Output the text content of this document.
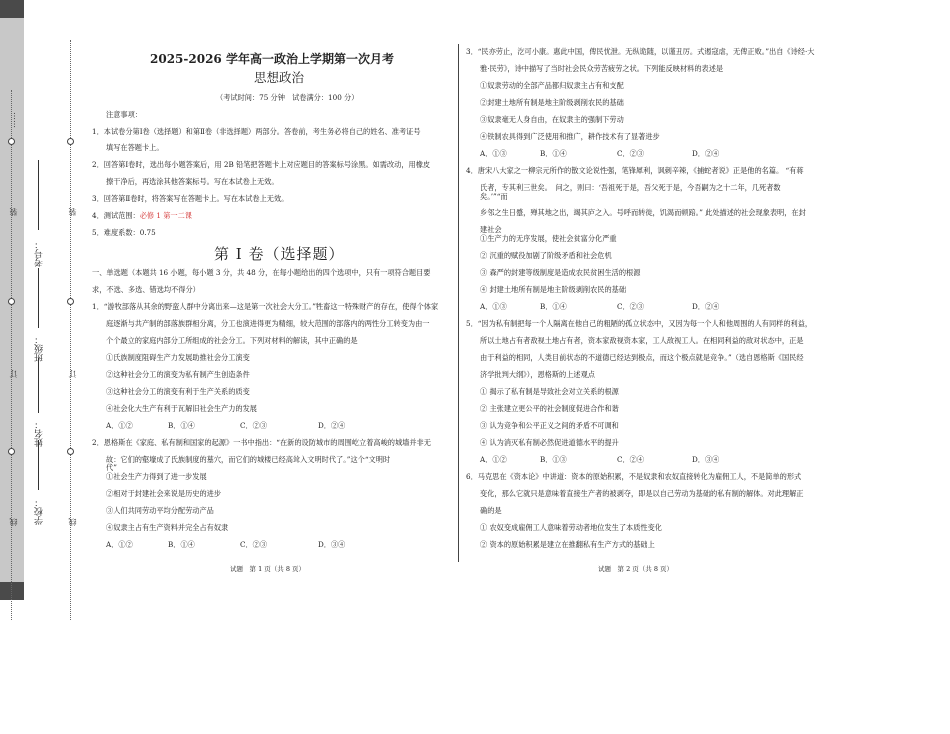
……
装
订
线
装
订
线
考号：
班级：
姓名：
学校：
2025-2026 学年高一政治上学期第一次月考
思想政治
（考试时间：75 分钟　试卷满分：100 分）
注意事项：
1．本试卷分第Ⅰ卷（选择题）和第Ⅱ卷（非选择题）两部分。答卷前，考生务必将自己的姓名、准考证号
填写在答题卡上。
2．回答第Ⅰ卷时，选出每小题答案后，用 2B 铅笔把答题卡上对应题目的答案标号涂黑。如需改动，用橡皮
擦干净后，再选涂其他答案标号。写在本试卷上无效。
3．回答第Ⅱ卷时，将答案写在答题卡上。写在本试卷上无效。
4．测试范围：必修 1 第一二课
5．难度系数：0.75
第 I 卷（选择题）
一、单选题（本题共 16 小题，每小题 3 分，共 48 分，在每小题给出的四个选项中，只有一项符合题目要
求，不选、多选、错选均不得分）
1．“游牧部落从其余的野蛮人群中分离出来—这是第一次社会大分工。”牲畜这一特殊财产的存在，使得个体家
庭逐渐与共产制的部落族群相分离，分工也演进得更为精细，较大范围的部落内的两性分工转变为由一
个个最立的家庭内部分工所组成的社会分工。下列对材料的解读，其中正确的是
①氏族制度阻碍生产力发展助推社会分工演变
②这种社会分工的演变为私有制产生创造条件
③这种社会分工的演变有利于生产关系的质变
④社会化大生产有利于瓦解旧社会生产力的发展
A．①②	B．①④	C．②③	D．②④
2．恩格斯在《家庭、私有制和国家的起源》一书中指出：“在新的设防城市的周围屹立着高峻的城墙并非无
故：它们的壑壕成了氏族制度的墓穴，而它们的城楼已经高耸入文明时代了。”这个“文明时
代”
①社会生产力得到了进一步发展
②相对于封建社会来说是历史的进步
③人们共同劳动平均分配劳动产品
④奴隶主占有生产资料并完全占有奴隶
A．①②	B．①④	C．②③	D．③④
试题　第 1 页（共 8 页）
3．“民亦劳止，汔可小康。惠此中国，俾民忧泄。无纵诡随，以谨丑厉。式遏寇虐，无俾正败。”出自《诗经·大
雅·民劳》，诗中描写了当时社会民众劳苦疲劳之状。下列能反映材料的表述是
①奴隶劳动的全部产品都归奴隶主占有和支配
②封建土地所有制是地主阶级剥削农民的基础
③奴隶毫无人身自由，在奴隶主的强制下劳动
④铁制农具得到广泛使用和推广，耕作技术有了显著进步
A．①③	B．①④	C．②③	D．②④
4．唐宋八大家之一柳宗元所作的散文论说性强，笔锋犀利，讽刺辛辣，《捕蛇者说》正是他的名篇。 “有蒋
氏者，专其利三世矣。　问之，则曰：‘吾祖死于是，吾父死于是，今吾嗣为之十二年，几死者数
矣。’”“而
乡邻之生日蹙，殚其地之出，竭其庐之入。号呼而转徙，饥渴而顿踣。” 此处描述的社会现象表明，在封
建社会
①生产力的无序发展，使社会贫富分化严重
② 沉重的赋役加剧了阶级矛盾和社会危机
③ 森严的封建等级制度是造成农民贫困生活的根源
④ 封建土地所有制是地主阶级剥削农民的基础
A．①③	B．①④	C．②③	D．②④
5．“因为私有制把每一个人隔离在他自己的粗陋的孤立状态中，又因为每一个人和他周围的人有同样的利益，
所以土地占有者敌视土地占有者，资本家敌视资本家，工人敌视工人。在相同利益的敌对状态中，正是
由于利益的相同，人类目前状态的不道德已经达到极点，而这个极点就是竞争。”（选自恩格斯《国民经
济学批判大纲》），恩格斯的上述观点
① 揭示了私有制是导致社会对立关系的根源
② 主张建立更公平的社会制度促进合作和谐
③ 认为竞争和公平正义之间的矛盾不可调和
④ 认为消灭私有制必然促进道德水平的提升
A．①②	B．①③	C．②④	D．③④
6．马克思在《资本论》中讲道：资本的原始积累，不是奴隶和农奴直接转化为雇佣工人，不是简单的形式
变化，那么它就只是意味着直接生产者的被剥夺，即是以自己劳动为基础的私有制的解体。对此理解正
确的是
① 农奴变成雇佣工人意味着劳动者地位发生了本质性变化
② 资本的原始积累是建立在推翻私有生产方式的基础上
试题　第 2 页（共 8 页）
